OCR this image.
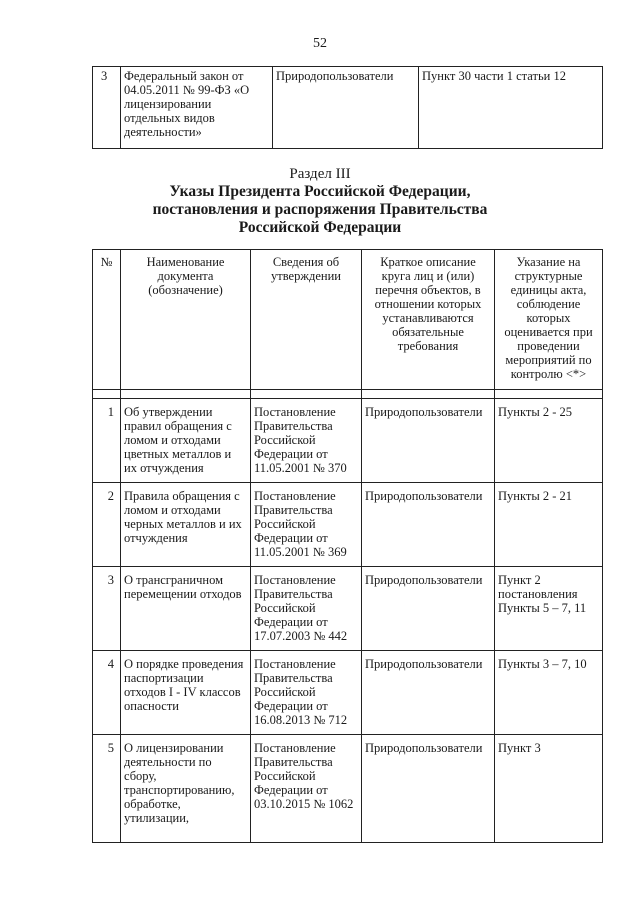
52
3	Федеральный закон от 04.05.2011 № 99-ФЗ «О лицензировании отдельных видов деятельности»	Природопользователи	Пункт 30 части 1 статьи 12
Раздел III
Указы Президента Российской Федерации,
постановления и распоряжения Правительства
Российской Федерации
№	Наименование документа (обозначение)	Сведения об утверждении	Краткое описание круга лиц и (или) перечня объектов, в отношении которых устанавливаются обязательные требования	Указание на структурные единицы акта, соблюдение которых оценивается при проведении мероприятий по контролю <*>

1	Об утверждении правил обращения с ломом и отходами цветных металлов и их отчуждения	Постановление Правительства Российской Федерации от 11.05.2001 № 370	Природопользователи	Пункты 2 - 25
2	Правила обращения с ломом и отходами черных металлов и их отчуждения	Постановление Правительства Российской Федерации от 11.05.2001 № 369	Природопользователи	Пункты 2 - 21
3	О трансграничном перемещении отходов	Постановление Правительства Российской Федерации от 17.07.2003 № 442	Природопользователи	Пункт 2 постановления Пункты 5 – 7, 11
4	О порядке проведения паспортизации отходов I - IV классов опасности	Постановление Правительства Российской Федерации от 16.08.2013 № 712	Природопользователи	Пункты 3 – 7, 10
5	О лицензировании деятельности по сбору, транспортированию, обработке, утилизации,	Постановление Правительства Российской Федерации от 03.10.2015 № 1062	Природопользователи	Пункт 3
